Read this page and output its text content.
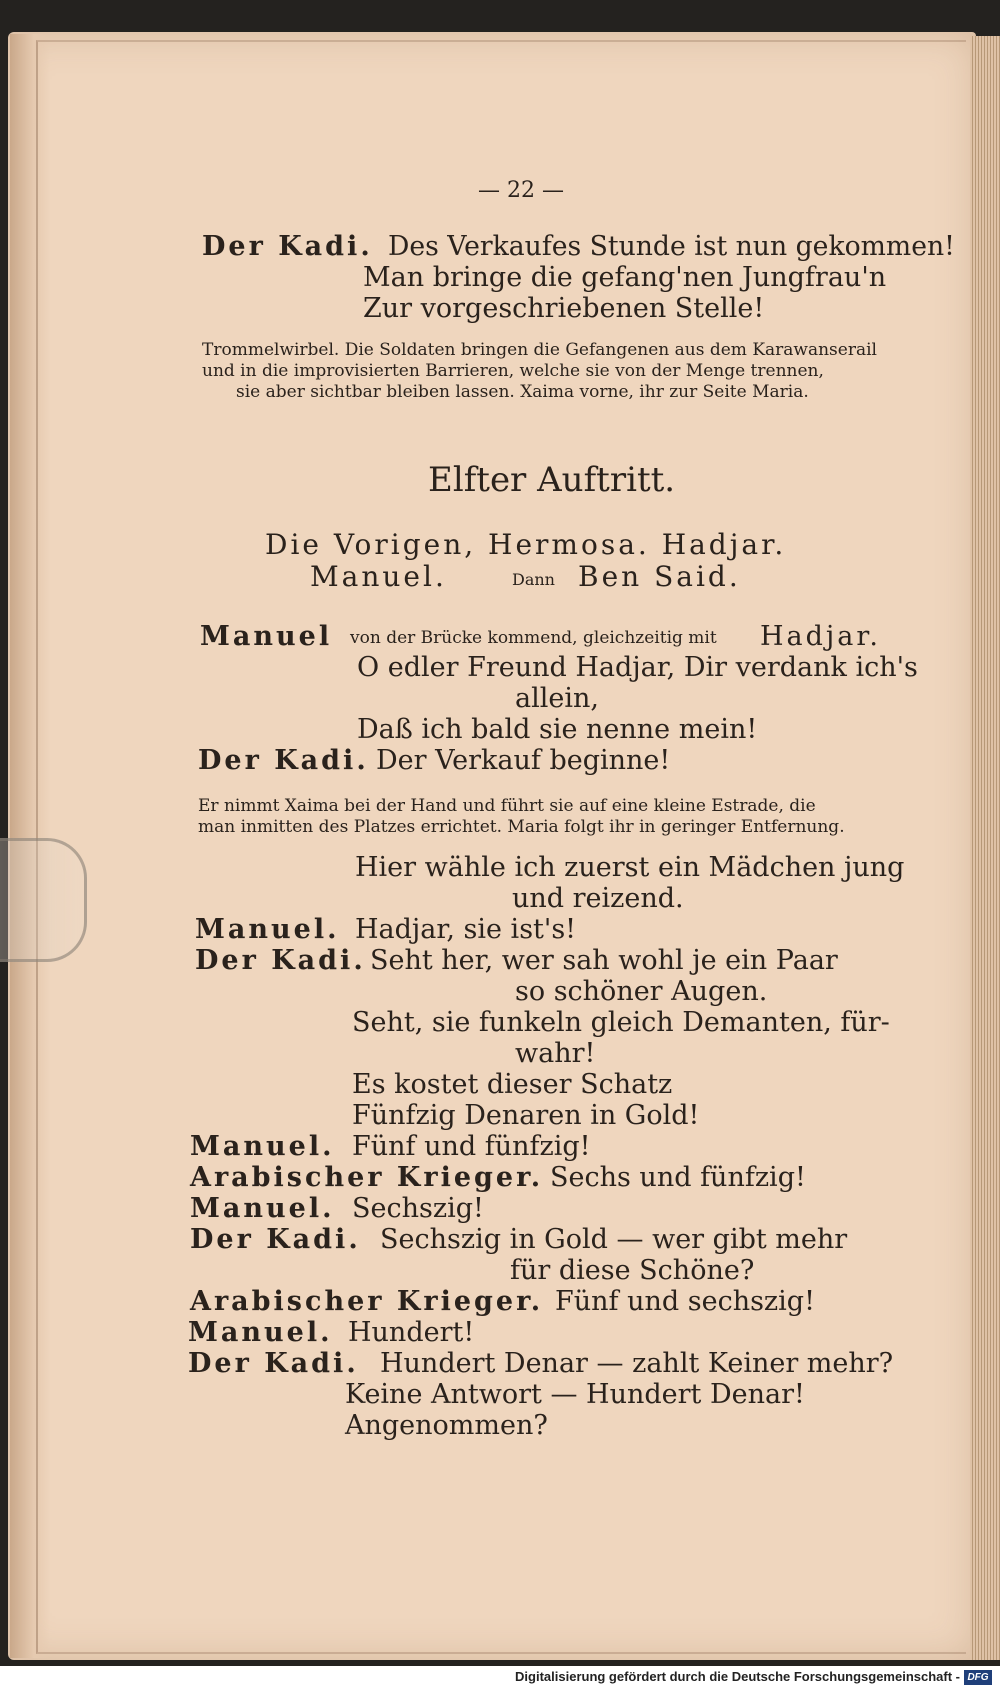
— 22 —
Der Kadi. Des Verkaufes Stunde ist nun gekommen!
Man bringe die gefang'nen Jungfrau'n
Zur vorgeschriebenen Stelle!
Trommelwirbel. Die Soldaten bringen die Gefangenen aus dem Karawanserail
und in die improvisierten Barrieren, welche sie von der Menge trennen,
sie aber sichtbar bleiben lassen. Xaima vorne, ihr zur Seite Maria.
Elfter Auftritt.
Die Vorigen, Hermosa. Hadjar.
Manuel.	Dann Ben Said.
Manuel von der Brücke kommend, gleichzeitig mit Hadjar.
O edler Freund Hadjar, Dir verdank ich's
allein,
Daß ich bald sie nenne mein!
Der Kadi. Der Verkauf beginne!
Er nimmt Xaima bei der Hand und führt sie auf eine kleine Estrade, die
man inmitten des Platzes errichtet. Maria folgt ihr in geringer Entfernung.
Hier wähle ich zuerst ein Mädchen jung
und reizend.
Manuel. Hadjar, sie ist's!
Der Kadi. Seht her, wer sah wohl je ein Paar
so schöner Augen.
Seht, sie funkeln gleich Demanten, für-
wahr!
Es kostet dieser Schatz
Fünfzig Denaren in Gold!
Manuel. Fünf und fünfzig!
Arabischer Krieger. Sechs und fünfzig!
Manuel. Sechszig!
Der Kadi. Sechszig in Gold — wer gibt mehr
für diese Schöne?
Arabischer Krieger. Fünf und sechszig!
Manuel. Hundert!
Der Kadi. Hundert Denar — zahlt Keiner mehr?
Keine Antwort — Hundert Denar!
Angenommen?
Digitalisierung gefördert durch die Deutsche Forschungsgemeinschaft - DFG
